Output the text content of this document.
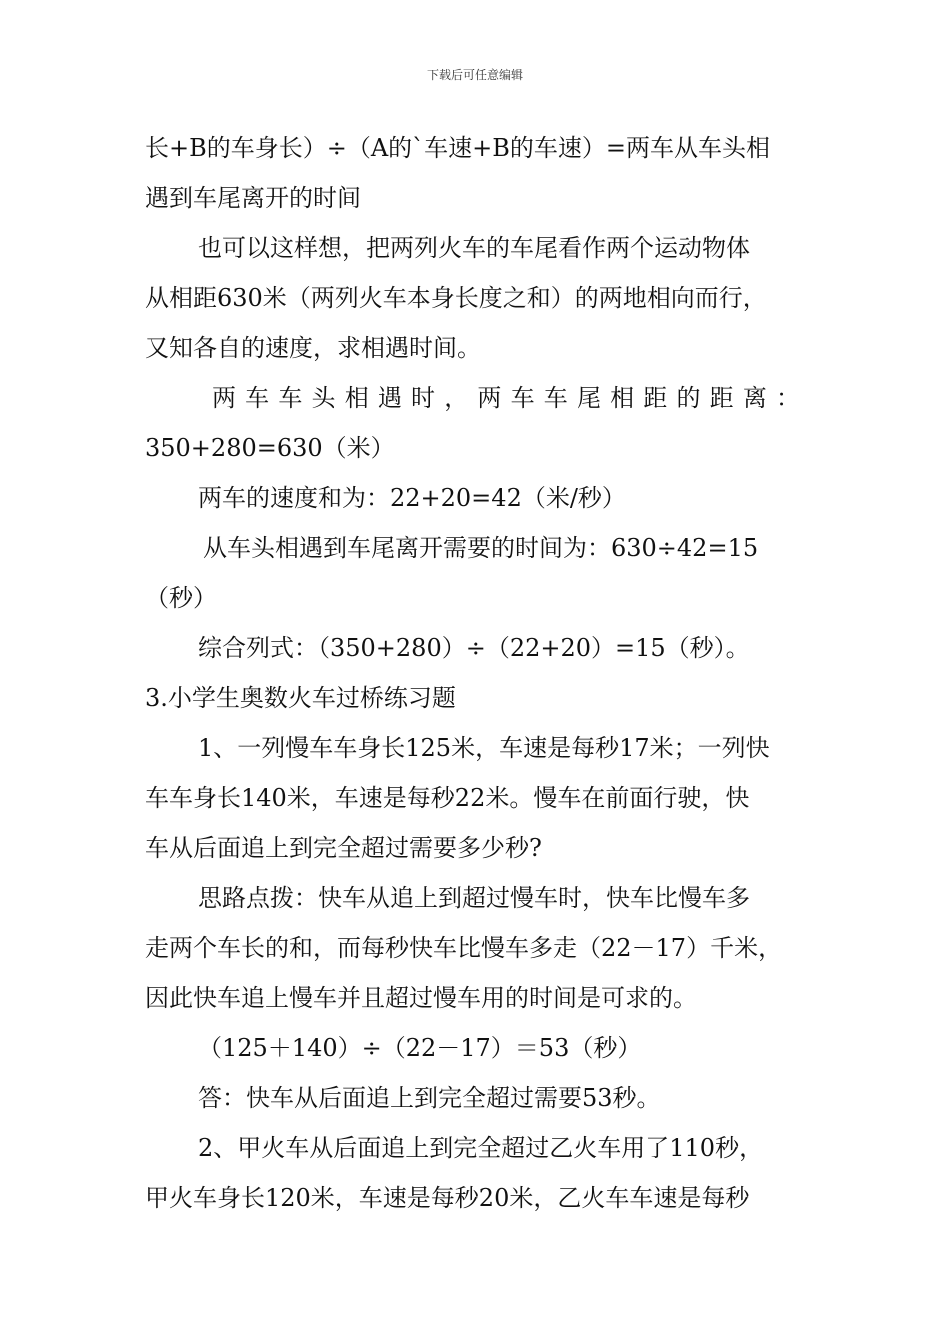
下载后可任意编辑
长+B的车身长）÷（A的`车速+B的车速）=两车从车头相
遇到车尾离开的时间
也可以这样想，把两列火车的车尾看作两个运动物体
从相距630米（两列火车本身长度之和）的两地相向而行，
又知各自的速度，求相遇时间。
两车车头相遇时，两车车尾相距的距离：
350+280=630（米）
两车的速度和为：22+20=42（米/秒）
从车头相遇到车尾离开需要的时间为：630÷42=15
（秒）
综合列式：（350+280）÷（22+20）=15（秒）。
3.小学生奥数火车过桥练习题
1、一列慢车车身长125米，车速是每秒17米；一列快
车车身长140米，车速是每秒22米。慢车在前面行驶，快
车从后面追上到完全超过需要多少秒?
思路点拨：快车从追上到超过慢车时，快车比慢车多
走两个车长的和，而每秒快车比慢车多走（22－17）千米，
因此快车追上慢车并且超过慢车用的时间是可求的。
（125＋140）÷（22－17）＝53（秒）
答：快车从后面追上到完全超过需要53秒。
2、甲火车从后面追上到完全超过乙火车用了110秒，
甲火车身长120米，车速是每秒20米，乙火车车速是每秒
